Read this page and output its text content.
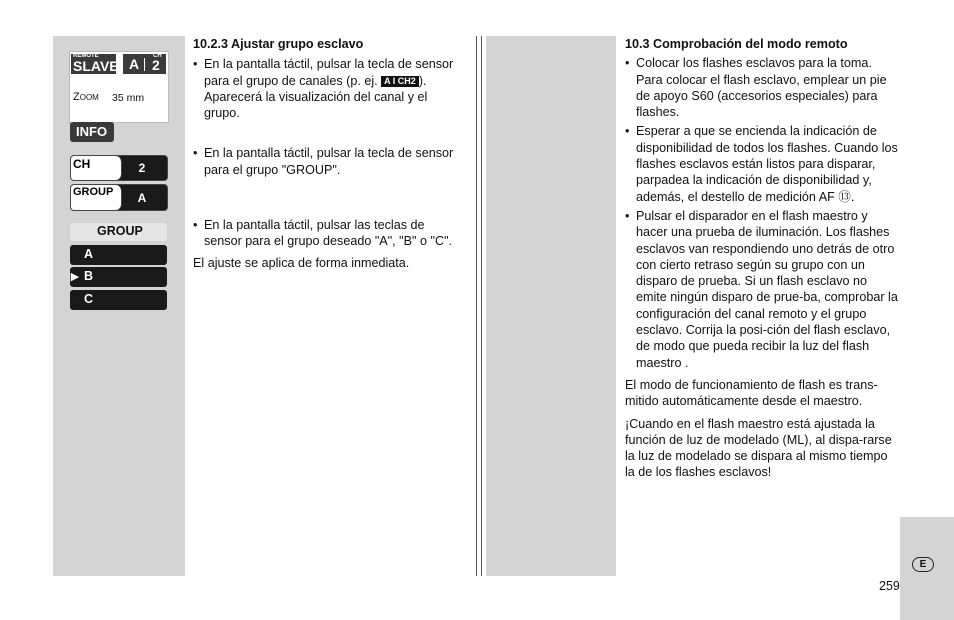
REMOTE
SLAVE A CH
2
Zoom 35 mm
INFO
CH	2
GROUP	A
GROUP
A
▸ B
C
10.2.3 Ajustar grupo esclavo
• En la pantalla táctil, pulsar la tecla de sensor para el grupo de canales (p. ej. A I CH2 ). Aparecerá la visualización del canal y el grupo.
• En la pantalla táctil, pulsar la tecla de sensor para el grupo "GROUP".
• En la pantalla táctil, pulsar las teclas de sensor para el grupo deseado "A", "B" o "C".

El ajuste se aplica de forma inmediata.

10.3 Comprobación del modo remoto
• Colocar los flashes esclavos para la toma. Para colocar el flash esclavo, emplear un pie de apoyo S60 (accesorios especiales) para flashes.
• Esperar a que se encienda la indicación de disponibilidad de todos los flashes. Cuando los flashes esclavos están listos para disparar, parpadea la indicación de disponibilidad y, además, el destello de medición AF ⑬.
• Pulsar el disparador en el flash maestro y hacer una prueba de iluminación. Los flashes esclavos van respondiendo uno detrás de otro con cierto retraso según su grupo con un disparo de prueba. Si un flash esclavo no emite ningún disparo de prue-ba, comprobar la configuración del canal remoto y el grupo esclavo. Corrija la posi-ción del flash esclavo, de modo que pueda recibir la luz del flash maestro .

El modo de funcionamiento de flash es trans-mitido automáticamente desde el maestro.

¡Cuando en el flash maestro está ajustada la función de luz de modelado (ML), al dispa-rarse la luz de modelado se dispara al mismo tiempo la de los flashes esclavos!

E
259
